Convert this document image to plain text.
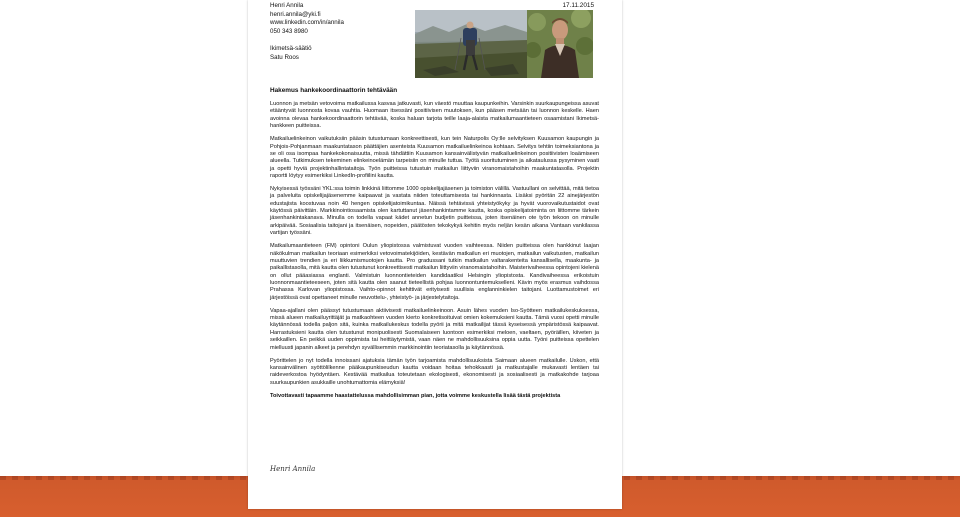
Henri Annila
henri.annila@yki.fi
www.linkedin.com/in/annila
050 343 8980
Ikimetsä-säätiö
Satu Roos
17.11.2015
Hakemus hankekoordinaattorin tehtävään

Luonnon ja metsän vetovoima matkailussa kasvaa jatkuvasti, kun väestö muuttaa kaupunkeihin. Varsinkin suurkaupungeissa asuvat etääntyvät luonnosta kovaa vauhtia. Huomaan itsessäni positiivisen muutoksen, kun pääsen metsään tai luonnon keskelle. Haen avoinna olevaa hankekoordinaattorin tehtävää, koska haluan tarjota teille laaja-alaista matkailumaantieteen osaamistani Ikimetsä-hankkeen puitteissa.

Matkailuelinkeinon vaikutuksiin pääsin tutustumaan konkreettisesti, kun tein Naturpolis Oy:lle selvityksen Kuusamon kaupungin ja Pohjois-Pohjanmaan maakuntatason päättäjien asenteista Kuusamon matkailuelinkeinoa kohtaan. Selvitys tehtiin toimeksiantona ja se oli osa isompaa hankekokonaisuutta, missä tähdättiin Kuusamon kansainvälistyvän matkailuelinkeinon positiivisten loaämiseen alueella. Tutkimuksen tekeminen elinkeinoelämän tarpeisiin on minulle tuttua. Työtä suoritutuminen ja aikataulussa pysyminen vaati ja opetti hyviä projektinhallintataitoja. Työn puitteissa tutustuin matkailun liittyviin viranomaistahoihin maakuntatasolla. Projektin raportti löytyy esimerkiksi LinkedIn-profiilini kautta.

Nykyisessä työssäni YKL:ssa toimin linkkinä liittomme 1000 opiskelijajäsenen ja toimiston välillä. Vastuullani on selvittää, mitä tietoa ja palveluita opiskelijajäsenemme kaipaavat ja vastata niiden toteuttamisesta tai hankinnasta. Lisäksi pyöritän 22 ainejärjestön edustajista koostuvaa noin 40 hengen opiskelijatoimikuntaa. Näissä tehtävissä yhteistyökyky ja hyvät vuorovaikutustaidot ovat käytössä päivittäin. Markkinointiosaamista olen kartuttanut jäsenhankintamme kautta, koska opiskelijatoiminta on liittomme tärkein jäsenhankintakanava. Minulla on todella vapaat kädet annetun budjetin puitteissa, joten itsenäinen ote työn tekoon on minulle arkipäivää. Sosiaalisia taitojani ja itsenäisen, nopeiden, päätösten tekokykyä kehitin myös neljän kesän aikana Vantaan vankilassa vartijan työssäni.

Matkailumaantieteen (FM) opintoni Oulun yliopistossa valmistuvat vuoden vaihteessa. Niiden puitteissa olen hankkinut laajan näkökulman matkailun teoriaan esimerkiksi vetovoimatekijöiden, kestävän matkailun eri muotojen, matkailun vaikutusten, matkailun muuttuvien trendien ja eri liikkumismuotojen kautta. Pro gradussani tutkin matkailun valtarakenteita kansallisella, maakunta- ja paikallistasolla, mitä kautta olen tutustunut konkreettisesti matkailun liittyviin viranomaistahoihin. Maisterivaiheessa opintojeni kielenä on ollut pääasiassa englanti. Valmistuin luonnontieteiden kandidaatiksi Helsingin yliopistosta. Kandivaiheessa erikoistuin luonnonmaantieteeseen, joten sitä kautta olen saanut tieteellistä pohjaa luonnontuntemukselleni. Kävin myös erasmus vaihdossa Prahassa Karlovan yliopistossa. Vaihto-opinnot kehittivät erityisesti suullisia englanninkielen taitojani. Luottamustoimet eri järjestöissä ovat opettaneet minulle neuvottelu-, yhteistyö- ja järjestelytaitoja.

Vapaa-ajallani olen päässyt tutustumaan aktiivisesti matkailuelinkeinoon. Asuin lähes vuoden Iso-Syötteen matkailukeskuksessa, missä alueen matkailuyrittäjät ja matkaohteen vuoden kierto konkretisoituivat omien kokemuksieni kautta. Tämä vuosi opetti minulle käytännössä todella paljon sitä, kuinka matkailukeskus todella pyörii ja mitä matkailijat tässä kyseisessä ympäristössä kaipaavat. Harrastuksieni kautta olen tutustunut monipuolisesti Suomalaiseen luontoon esimerkiksi meloen, vaeltaen, pyöräillen, kiiveten ja seikkaillen. En peikkä uuden oppimista tai heittäytymistä, vaan näen ne mahdollisuuksina oppia uutta. Työni puitteissa opettelen mielluusti japanin alkeet ja perehdyn syvällisemmin markkinointiin teoriatasolla ja käytännössä.

Pyörittelen jo nyt todella innoissani ajatuksia tämän työn tarjoamista mahdollisuuksista Saimaan alueen matkailulle. Uskon, että kansainvälinen syöttölilkenne pääkaupunkiseudun kautta voidaan hoitaa tehokkaasti ja matkustajalle mukavasti lentäen tai raideverkostoa hyödyntäen. Kestävää matkailua toteutetaan ekologisesti, ekonomisesti ja sosiaalisesti ja matkakohde tarjoaa suurkaupunkien asukkaille unohtumattomia elämyksiä!

Toivottavasti tapaamme haastattelussa mahdollisimman pian, jotta voimme keskustella lisää tästä projektista

Henri Annila
